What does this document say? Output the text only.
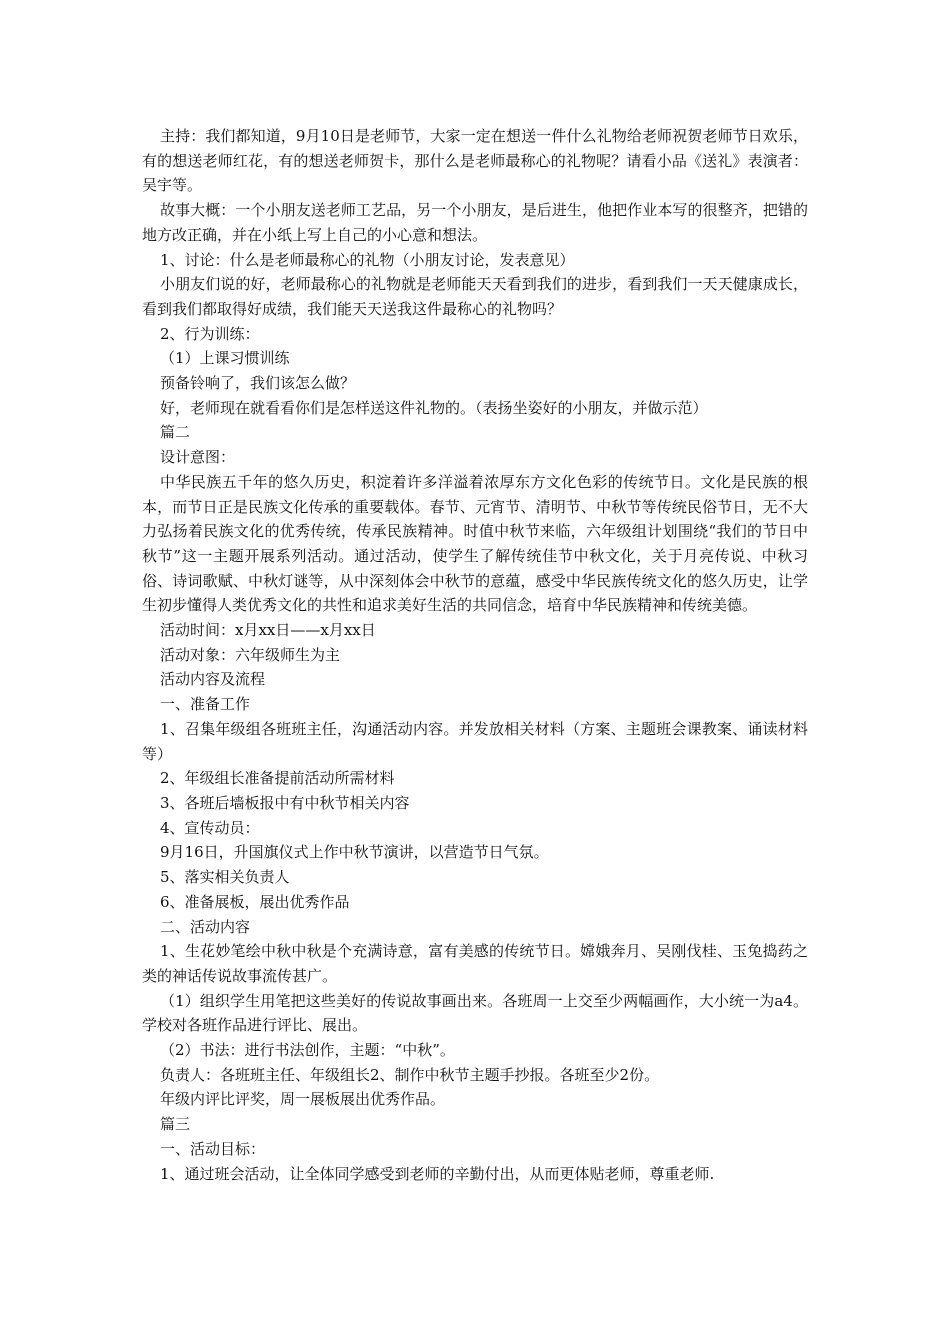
主持：我们都知道，9月10日是老师节，大家一定在想送一件什么礼物给老师祝贺老师节日欢乐，有的想送老师红花，有的想送老师贺卡，那什么是老师最称心的礼物呢？请看小品《送礼》表演者：吴宇等。

故事大概：一个小朋友送老师工艺品，另一个小朋友，是后进生，他把作业本写的很整齐，把错的地方改正确，并在小纸上写上自己的小心意和想法。

1、讨论：什么是老师最称心的礼物（小朋友讨论，发表意见）

小朋友们说的好，老师最称心的礼物就是老师能天天看到我们的进步，看到我们一天天健康成长，看到我们都取得好成绩，我们能天天送我这件最称心的礼物吗？

2、行为训练：

（1）上课习惯训练

预备铃响了，我们该怎么做？

好，老师现在就看看你们是怎样送这件礼物的。（表扬坐姿好的小朋友，并做示范）

篇二

设计意图：

中华民族五千年的悠久历史，积淀着许多洋溢着浓厚东方文化色彩的传统节日。文化是民族的根本，而节日正是民族文化传承的重要载体。春节、元宵节、清明节、中秋节等传统民俗节日，无不大力弘扬着民族文化的优秀传统，传承民族精神。时值中秋节来临，六年级组计划围绕“我们的节日中秋节”这一主题开展系列活动。通过活动，使学生了解传统佳节中秋文化，关于月亮传说、中秋习俗、诗词歌赋、中秋灯谜等，从中深刻体会中秋节的意蕴，感受中华民族传统文化的悠久历史，让学生初步懂得人类优秀文化的共性和追求美好生活的共同信念，培育中华民族精神和传统美德。

活动时间：x月xx日——x月xx日

活动对象：六年级师生为主

活动内容及流程

一、准备工作

1、召集年级组各班班主任，沟通活动内容。并发放相关材料（方案、主题班会课教案、诵读材料等）

2、年级组长准备提前活动所需材料

3、各班后墙板报中有中秋节相关内容

4、宣传动员：

9月16日，升国旗仪式上作中秋节演讲，以营造节日气氛。

5、落实相关负责人

6、准备展板，展出优秀作品

二、活动内容

1、生花妙笔绘中秋中秋是个充满诗意，富有美感的传统节日。嫦娥奔月、吴刚伐桂、玉兔捣药之类的神话传说故事流传甚广。

（1）组织学生用笔把这些美好的传说故事画出来。各班周一上交至少两幅画作，大小统一为a4。学校对各班作品进行评比、展出。

（2）书法：进行书法创作，主题：“中秋”。

负责人：各班班主任、年级组长2、制作中秋节主题手抄报。各班至少2份。

年级内评比评奖，周一展板展出优秀作品。

篇三

一、活动目标：

1、通过班会活动，让全体同学感受到老师的辛勤付出，从而更体贴老师，尊重老师.
